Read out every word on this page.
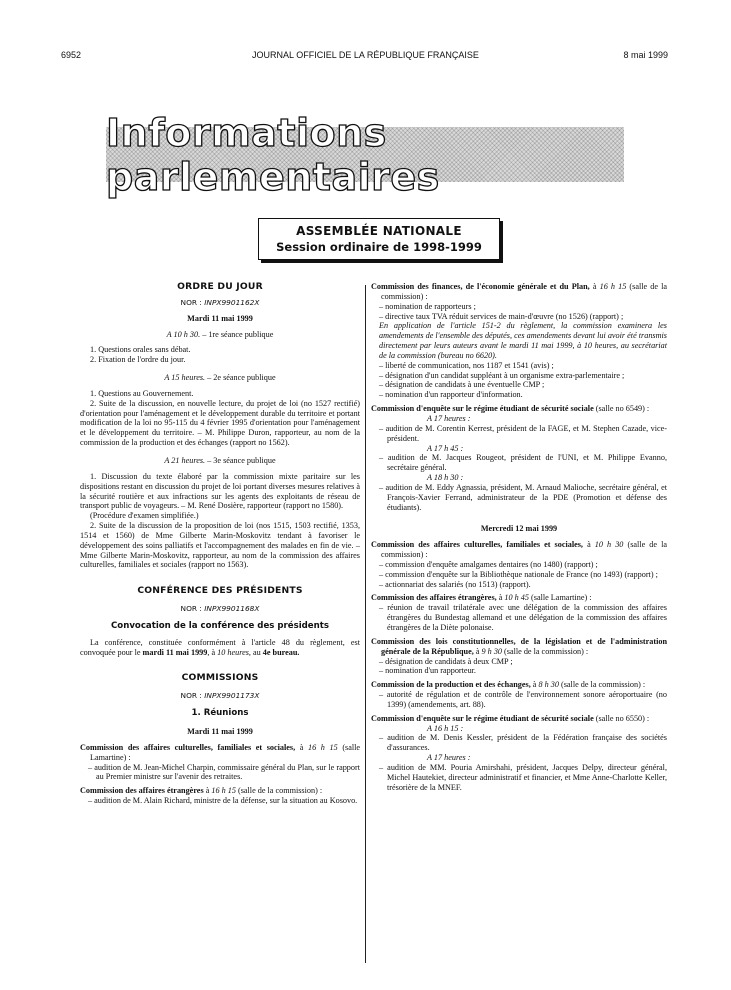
6952	JOURNAL OFFICIEL DE LA RÉPUBLIQUE FRANÇAISE	8 mai 1999
Informations parlementaires
ASSEMBLÉE NATIONALE
Session ordinaire de 1998-1999

ORDRE DU JOUR

NOR : INPX9901162X

Mardi 11 mai 1999

A 10 h 30. – 1re séance publique

1. Questions orales sans débat.

2. Fixation de l'ordre du jour.

A 15 heures. – 2e séance publique

1. Questions au Gouvernement.

2. Suite de la discussion, en nouvelle lecture, du projet de loi (no 1527 rectifié) d'orientation pour l'aménagement et le développement durable du territoire et portant modification de la loi no 95-115 du 4 février 1995 d'orientation pour l'aménagement et le développement du territoire. – M. Philippe Duron, rapporteur, au nom de la commission de la production et des échanges (rapport no 1562).

A 21 heures. – 3e séance publique

1. Discussion du texte élaboré par la commission mixte paritaire sur les dispositions restant en discussion du projet de loi portant diverses mesures relatives à la sécurité routière et aux infractions sur les agents des exploitants de réseau de transport public de voyageurs. – M. René Dosière, rapporteur (rapport no 1580).

(Procédure d'examen simplifiée.)

2. Suite de la discussion de la proposition de loi (nos 1515, 1503 rectifié, 1353, 1514 et 1560) de Mme Gilberte Marin-Moskovitz tendant à favoriser le développement des soins palliatifs et l'accompagnement des malades en fin de vie. – Mme Gilberte Marin-Moskovitz, rapporteur, au nom de la commission des affaires culturelles, familiales et sociales (rapport no 1563).

CONFÉRENCE DES PRÉSIDENTS

NOR : INPX9901168X

Convocation de la conférence des présidents

La conférence, constituée conformément à l'article 48 du règlement, est convoquée pour le mardi 11 mai 1999, à 10 heures, au 4e bureau.

COMMISSIONS

NOR : INPX9901173X

1. Réunions

Mardi 11 mai 1999

Commission des affaires culturelles, familiales et sociales, à 16 h 15 (salle Lamartine) :

– audition de M. Jean-Michel Charpin, commissaire général du Plan, sur le rapport au Premier ministre sur l'avenir des retraites.

Commission des affaires étrangères à 16 h 15 (salle de la commission) :

– audition de M. Alain Richard, ministre de la défense, sur la situation au Kosovo.

Commission des finances, de l'économie générale et du Plan, à 16 h 15 (salle de la commission) :

– nomination de rapporteurs ;

– directive taux TVA réduit services de main-d'œuvre (no 1526) (rapport) ;

En application de l'article 151-2 du règlement, la commission examinera les amendements de l'ensemble des députés, ces amendements devant lui avoir été transmis directement par leurs auteurs avant le mardi 11 mai 1999, à 10 heures, au secrétariat de la commission (bureau no 6620).

– liberté de communication, nos 1187 et 1541 (avis) ;

– désignation d'un candidat suppléant à un organisme extra-parlementaire ;

– désignation de candidats à une éventuelle CMP ;

– nomination d'un rapporteur d'information.

Commission d'enquête sur le régime étudiant de sécurité sociale (salle no 6549) :

A 17 heures :

– audition de M. Corentin Kerrest, président de la FAGE, et M. Stephen Cazade, vice-président.

A 17 h 45 :

– audition de M. Jacques Rougeot, président de l'UNI, et M. Philippe Evanno, secrétaire général.

A 18 h 30 :

– audition de M. Eddy Agnassia, président, M. Arnaud Malioche, secrétaire général, et François-Xavier Ferrand, administrateur de la PDE (Promotion et défense des étudiants).

Mercredi 12 mai 1999

Commission des affaires culturelles, familiales et sociales, à 10 h 30 (salle de la commission) :

– commission d'enquête amalgames dentaires (no 1480) (rapport) ;

– commission d'enquête sur la Bibliothèque nationale de France (no 1493) (rapport) ;

– actionnariat des salariés (no 1513) (rapport).

Commission des affaires étrangères, à 10 h 45 (salle Lamartine) :

– réunion de travail trilatérale avec une délégation de la commission des affaires étrangères du Bundestag allemand et une délégation de la commission des affaires étrangères de la Diète polonaise.

Commission des lois constitutionnelles, de la législation et de l'administration générale de la République, à 9 h 30 (salle de la commission) :

– désignation de candidats à deux CMP ;

– nomination d'un rapporteur.

Commission de la production et des échanges, à 8 h 30 (salle de la commission) :

– autorité de régulation et de contrôle de l'environnement sonore aéroportuaire (no 1399) (amendements, art. 88).

Commission d'enquête sur le régime étudiant de sécurité sociale (salle no 6550) :

A 16 h 15 :

– audition de M. Denis Kessler, président de la Fédération française des sociétés d'assurances.

A 17 heures :

– audition de MM. Pouria Amirshahi, président, Jacques Delpy, directeur général, Michel Hautekiet, directeur administratif et financier, et Mme Anne-Charlotte Keller, trésorière de la MNEF.
